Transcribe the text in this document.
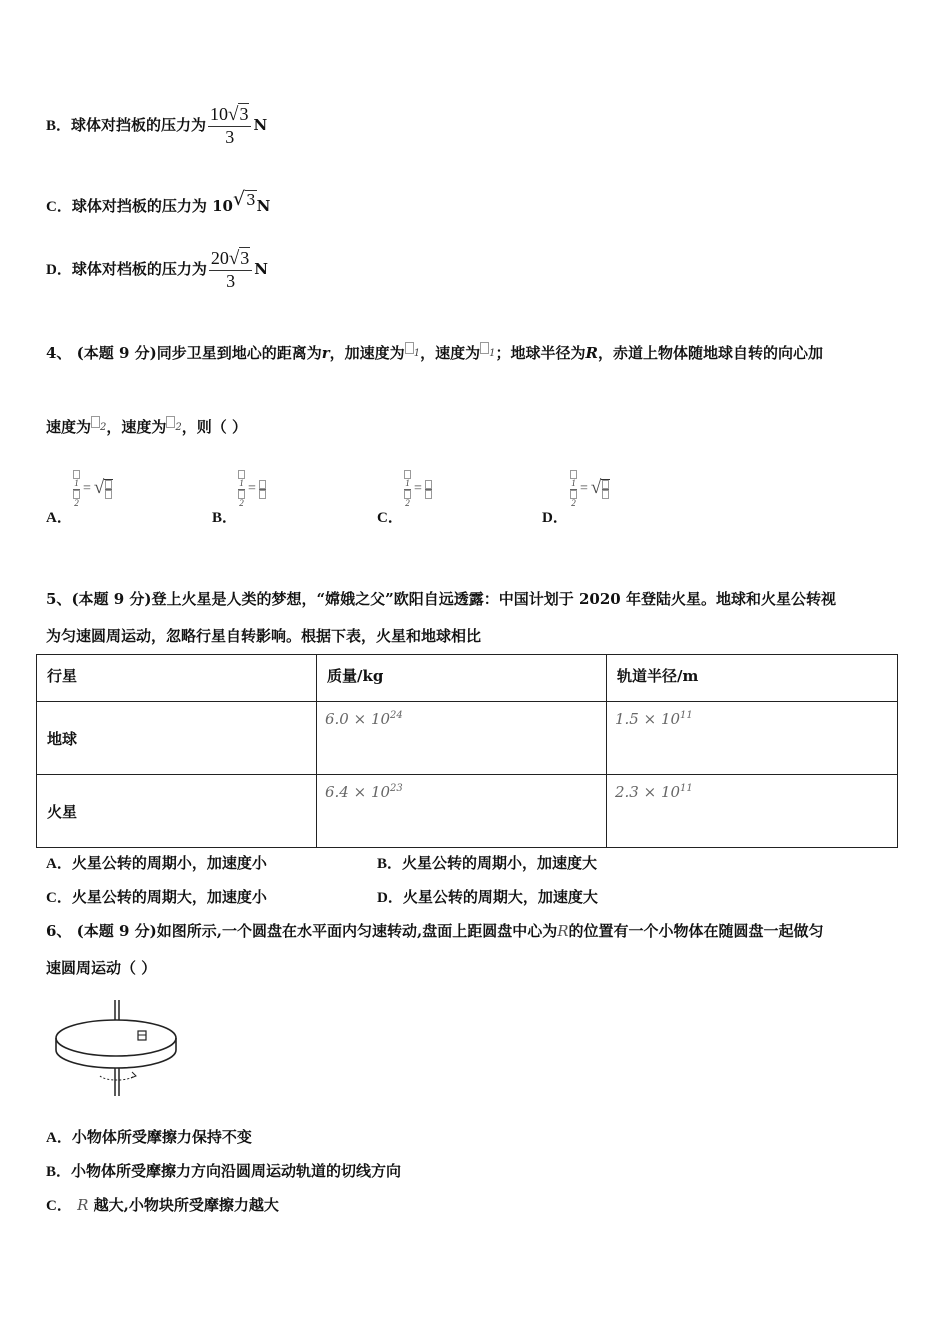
B．球体对挡板的压力为 $\frac{10√3}{3}$ N
C．球体对挡板的压力为 10√3N
D．球体对档板的压力为 $\frac{20√3}{3}$ N
4、 (本题 9 分)同步卫星到地心的距离为r，加速度为 1，速度为 1；地球半径为R，赤道上物体随地球自转的向心加
速度为 2，速度为 2，则（ ）
A．
$\frac{1}{2}$ = √
B．
$\frac{1}{2}$ =
C．
$\frac{1}{2}$ =
D．
$\frac{1}{2}$ = √
5、(本题 9 分)登上火星是人类的梦想，“嫦娥之父”欧阳自远透露：中国计划于 2020 年登陆火星。地球和火星公转视
为匀速圆周运动，忽略行星自转影响。根据下表，火星和地球相比
行星	质量/kg	轨道半径/m

地球	$6.0 \times 10^{24}$	$1.5 \times 10^{11}$

火星	$6.4 \times 10^{23}$	$2.3 \times 10^{11}$
A．火星公转的周期小，加速度小	B．火星公转的周期小，加速度大
C．火星公转的周期大，加速度小	D．火星公转的周期大，加速度大
6、 (本题 9 分)如图所示,一个圆盘在水平面内匀速转动,盘面上距圆盘中心为R的位置有一个小物体在随圆盘一起做匀
速圆周运动（ ）
A．小物体所受摩擦力保持不变
B．小物体所受摩擦力方向沿圆周运动轨道的切线方向
C． R 越大,小物块所受摩擦力越大
